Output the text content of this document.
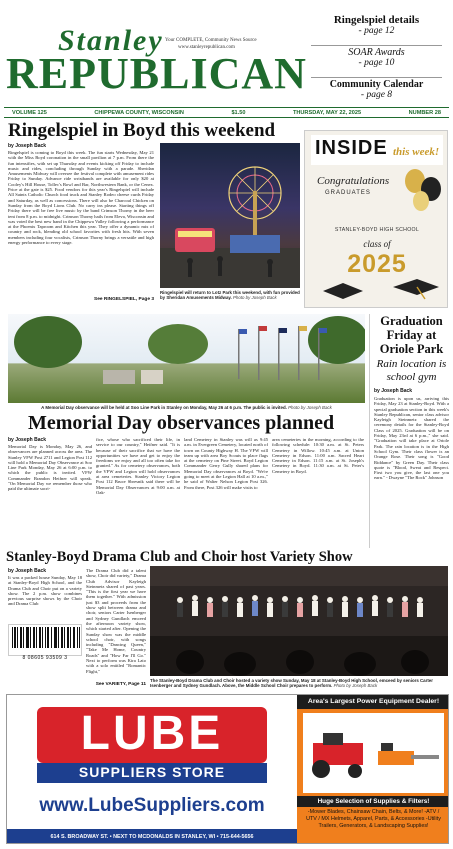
Stanley Your COMPLETE, Community News Source
www.stanleyrepublican.com
REPUBLICAN
Ringelspiel details
- page 12
SOAR Awards
- page 10
Community Calendar
- page 8
VOLUME 125	CHIPPEWA COUNTY, WISCONSIN	$1.50	THURSDAY, MAY 22, 2025	NUMBER 28
Ringelspiel in Boyd this weekend
by Joseph Back
Ringelspiel is coming to Boyd this week. The fun starts Wednesday, May 21 with the Miss Boyd coronation in the small pavilion at 7 p.m. From there the fun intensifies, with set up Thursday and events kicking off Friday to include music and rides, concluding through Sunday with a parade. Sheridan Amusements Midway will oversee the festival complete with amusement rides Friday to Sunday. Advance ride wristbands are available for only $20 at Cooley's Hill House, Tollec's Bowl and Bar, Northwestern Bank, or the Cenex. Price at the gate is $25. Food vendors for this year's Ringelspiel will include All Saints Catholic Church food truck and Stanley Rodeo cheese curds Friday and Saturday, as well as concessions. There will also be Charcoal Chicken on Sunday from the Boyd Lions Club. No carry ins please. Starting things off Friday there will be free live music by the band Crimson Thorny in the beer tent from 8 p.m. to midnight. Crimson Thorny hails from Eleva, Wisconsin and was voted the best new band in the Chippewa Valley following a performance at the Phoenix Taproom and Kitchen this year. They offer a dynamic mix of country and rock, blending old school favorites with fresh hits. With seven members including four vocalists, Crimson Thorny brings a versatile and high energy performance to every stage.
See RINGELSPIEL, Page 3
Ringelspiel will return to Lotz Park this weekend, with fun provided by Sheridan Amusements Midway. Photo by Joseph Back
INSIDE this week!
Congratulations
GRADUATES
STANLEY-BOYD HIGH SCHOOL
class of
2025
A Memorial Day observance will be held at Soo Line Park in Stanley on Monday, May 26 at 6 p.m. The public is invited. Photo by Joseph Back
Graduation Friday at Oriole Park
Rain location is school gym
by Joseph Back
Graduation is upon us, arriving this Friday, May 23 at Stanley-Boyd. With a special graduation section in this week's Stanley Republican, senior class advisor Kayleigh Steinmetz shared the ceremony details for the Stanley-Boyd Class of 2025. Graduation will be on Friday, May 23rd at 6 p.m.," she said. "Graduation will take place at Oriole Park. The rain location is in the High School Gym. Their class flower is an Orange Rose. Their song is "Good Riddance" by Green Day. Their class quote is "Blood, Sweat and Respect. First two you give, the last one you earn." - Dwayne "The Rock" Johnson
Memorial Day observances planned
by Joseph Back
Memorial Day is Monday, May 26, and observances are planned across the area. The Stanley VFW Post 2711 and Legion Post 112 will hold a Memorial Day Observance at Soo Line Park Monday, May 26 at 6:00 p.m. to which the public is invited. VFW Commander Brandon Heifner will speak. "On Memorial Day we remember those who paid the ultimate sacri-
fice, whose who sacrificed their life, in service to our country," Heifner said. "It is because of their sacrifice that we have the opportunities we have and get to enjoy the freedoms we enjoy and all too often take for granted." As for cemetery observances, both the VFW and Legion will hold observances at area cemeteries. Stanley Victory Legion Post 112 Bruce Sbresnik said there will be Memorial Day Observances at 9:00 a.m. at Oak-
land Cemetery in Stanley was will as 9:45 a.m. in Evergreen Cemetery, located north of town on County Highway H. The VFW will team up with area Boy Scouts to place flags at the cemetery on Pine Street. Boyd Legion Commander Gerry Gully shared plans for Memorial Day observances at Boyd. "We're going to meet at the Legion Hall at 10 a.m.," he said of Walter Nelson Legion Post 326. From there, Post 326 will make visits to
area cemeteries in the morning, according to the following schedule: 10:30 a.m. at St. Peters Cemetery in Willow. 10:45 a.m. at Union Cemetery in Edson. 11:00 a.m. Sacred Heart Cemetery in Edson. 11:15 a.m. at St. Joseph's Cemetery in Boyd. 11:30 a.m. at St. Peter's Cemetery in Boyd.
Stanley-Boyd Drama Club and Choir host Variety Show
by Joseph Back
It was a packed house Sunday, May 18 at Stanley-Boyd High School, and the Drama Club and Choir put on a variety show. The 2 p.m. show combines previous surprise shows by the Choir and Drama Club
8 08605 93509 3
The Drama Club did a talent show, Choir did variety," Drama Club Advisor Kayleigh Steinmetz shared of past years. "This is the first year we have them together." With admission just $3 and proceeds from the show split between drama and choir, seniors Carter Isenberger and Sydney Gundlach emceed the afternoon variety show, which started after. Opening the Sunday show was the middle school choir, with songs including "Dancing Queen," "Take Me Home, Country Roads" and "How Far I'll Go." Next to perform was Kira Lato with a solo entitled "Romantic Flight,"
See VARIETY, Page 11
The Stanley-Boyd Drama Club and Choir hosted a variety show Sunday, May 18 at Stanley-Boyd High School, emceed by seniors Carter Isenberger and Sydney Gundlach. Above, the Middle School Choir prepares to perform. Photo by Joseph Back
LUBE
SUPPLIERS STORE
www.LubeSuppliers.com
614 S. BROADWAY ST. • NEXT TO MCDONALDS IN STANLEY, WI • 715-644-5656
Area's Largest Power Equipment Dealer!
Huge Selection of Supplies & Filters!
-Mower Blades, Chainsaw Chain, Belts, & More! -ATV / UTV / MX Helmets, Apparel, Parts, & Accessories -Utility Trailers, Generators, & Landscaping Supplies!
